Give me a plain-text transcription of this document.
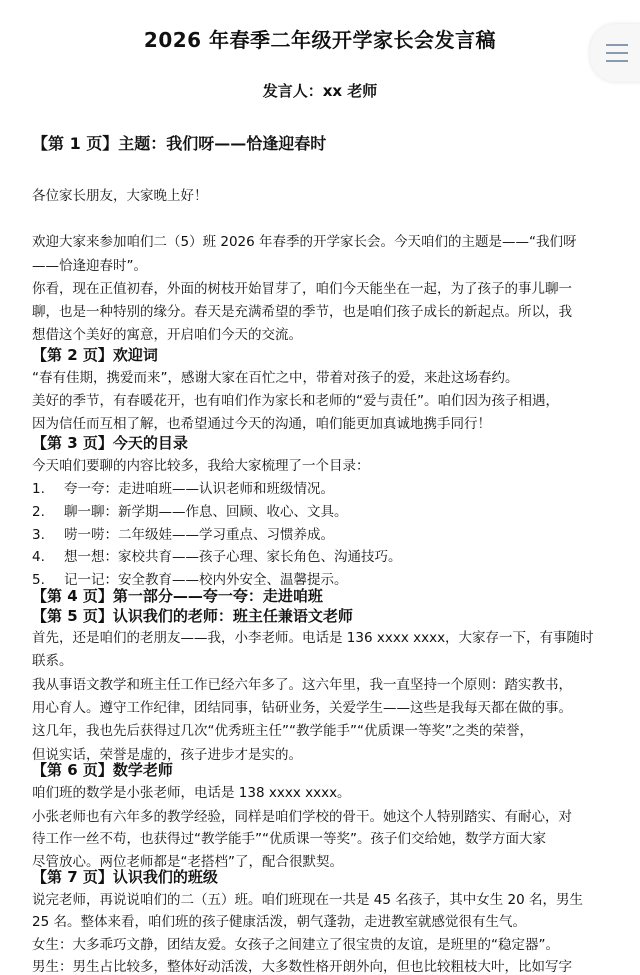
2026 年春季二年级开学家长会发言稿
发言人：xx 老师
【第 1 页】主题：我们呀——恰逢迎春时
各位家长朋友，大家晚上好！
欢迎大家来参加咱们二（5）班 2026 年春季的开学家长会。今天咱们的主题是——“我们呀
——恰逢迎春时”。
你看，现在正值初春，外面的树枝开始冒芽了，咱们今天能坐在一起，为了孩子的事儿聊一
聊，也是一种特别的缘分。春天是充满希望的季节，也是咱们孩子成长的新起点。所以，我
想借这个美好的寓意，开启咱们今天的交流。
【第 2 页】欢迎词
“春有佳期，携爱而来”，感谢大家在百忙之中，带着对孩子的爱，来赴这场春约。
美好的季节，有春暖花开，也有咱们作为家长和老师的“爱与责任”。咱们因为孩子相遇，
因为信任而互相了解，也希望通过今天的沟通，咱们能更加真诚地携手同行！
【第 3 页】今天的目录
今天咱们要聊的内容比较多，我给大家梳理了一个目录：
1. 夸一夸：走进咱班——认识老师和班级情况。
2. 聊一聊：新学期——作息、回顾、收心、文具。
3. 唠一唠：二年级娃——学习重点、习惯养成。
4. 想一想：家校共育——孩子心理、家长角色、沟通技巧。
5. 记一记：安全教育——校内外安全、温馨提示。
【第 4 页】第一部分——夸一夸：走进咱班
【第 5 页】认识我们的老师：班主任兼语文老师
首先，还是咱们的老朋友——我，小李老师。电话是 136 xxxx xxxx，大家存一下，有事随时
联系。
我从事语文教学和班主任工作已经六年多了。这六年里，我一直坚持一个原则：踏实教书，
用心育人。遵守工作纪律，团结同事，钻研业务，关爱学生——这些是我每天都在做的事。
这几年，我也先后获得过几次“优秀班主任”“教学能手”“优质课一等奖”之类的荣誉，
但说实话，荣誉是虚的，孩子进步才是实的。
【第 6 页】数学老师
咱们班的数学是小张老师，电话是 138 xxxx xxxx。
小张老师也有六年多的教学经验，同样是咱们学校的骨干。她这个人特别踏实、有耐心，对
待工作一丝不苟，也获得过“教学能手”“优质课一等奖”。孩子们交给她，数学方面大家
尽管放心。两位老师都是“老搭档”了，配合很默契。
【第 7 页】认识我们的班级
说完老师，再说说咱们的二（五）班。咱们班现在一共是 45 名孩子，其中女生 20 名，男生
25 名。整体来看，咱们班的孩子健康活泼，朝气蓬勃，走进教室就感觉很有生气。
女生：大多乖巧文静，团结友爱。女孩子之间建立了很宝贵的友谊，是班里的“稳定器”。
男生：男生占比较多，整体好动活泼，大多数性格开朗外向，但也比较粗枝大叶，比如写字
